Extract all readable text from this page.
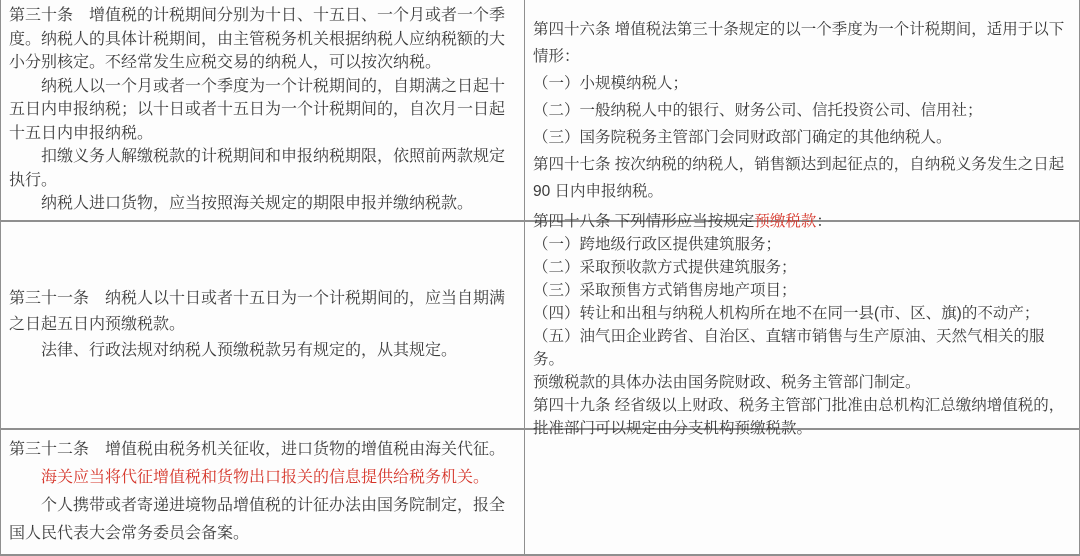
第三十条　增值税的计税期间分别为十日、十五日、一个月或者一个季度。纳税人的具体计税期间，由主管税务机关根据纳税人应纳税额的大小分别核定。不经常发生应税交易的纳税人，可以按次纳税。

　　纳税人以一个月或者一个季度为一个计税期间的，自期满之日起十五日内申报纳税；以十日或者十五日为一个计税期间的，自次月一日起十五日内申报纳税。

　　扣缴义务人解缴税款的计税期间和申报纳税期限，依照前两款规定执行。

　　纳税人进口货物，应当按照海关规定的期限申报并缴纳税款。

第四十六条 增值税法第三十条规定的以一个季度为一个计税期间，适用于以下情形：

（一）小规模纳税人；

（二）一般纳税人中的银行、财务公司、信托投资公司、信用社；

（三）国务院税务主管部门会同财政部门确定的其他纳税人。

第四十七条 按次纳税的纳税人，销售额达到起征点的，自纳税义务发生之日起90 日内申报纳税。

第三十一条　纳税人以十日或者十五日为一个计税期间的，应当自期满之日起五日内预缴税款。

　　法律、行政法规对纳税人预缴税款另有规定的，从其规定。

第四十八条 下列情形应当按规定预缴税款：

（一）跨地级行政区提供建筑服务；

（二）采取预收款方式提供建筑服务；

（三）采取预售方式销售房地产项目；

（四）转让和出租与纳税人机构所在地不在同一县(市、区、旗)的不动产；

（五）油气田企业跨省、自治区、直辖市销售与生产原油、天然气相关的服务。

预缴税款的具体办法由国务院财政、税务主管部门制定。

第四十九条 经省级以上财政、税务主管部门批准由总机构汇总缴纳增值税的，批准部门可以规定由分支机构预缴税款。

第三十二条　增值税由税务机关征收，进口货物的增值税由海关代征。

　　海关应当将代征增值税和货物出口报关的信息提供给税务机关。

　　个人携带或者寄递进境物品增值税的计征办法由国务院制定，报全国人民代表大会常务委员会备案。
